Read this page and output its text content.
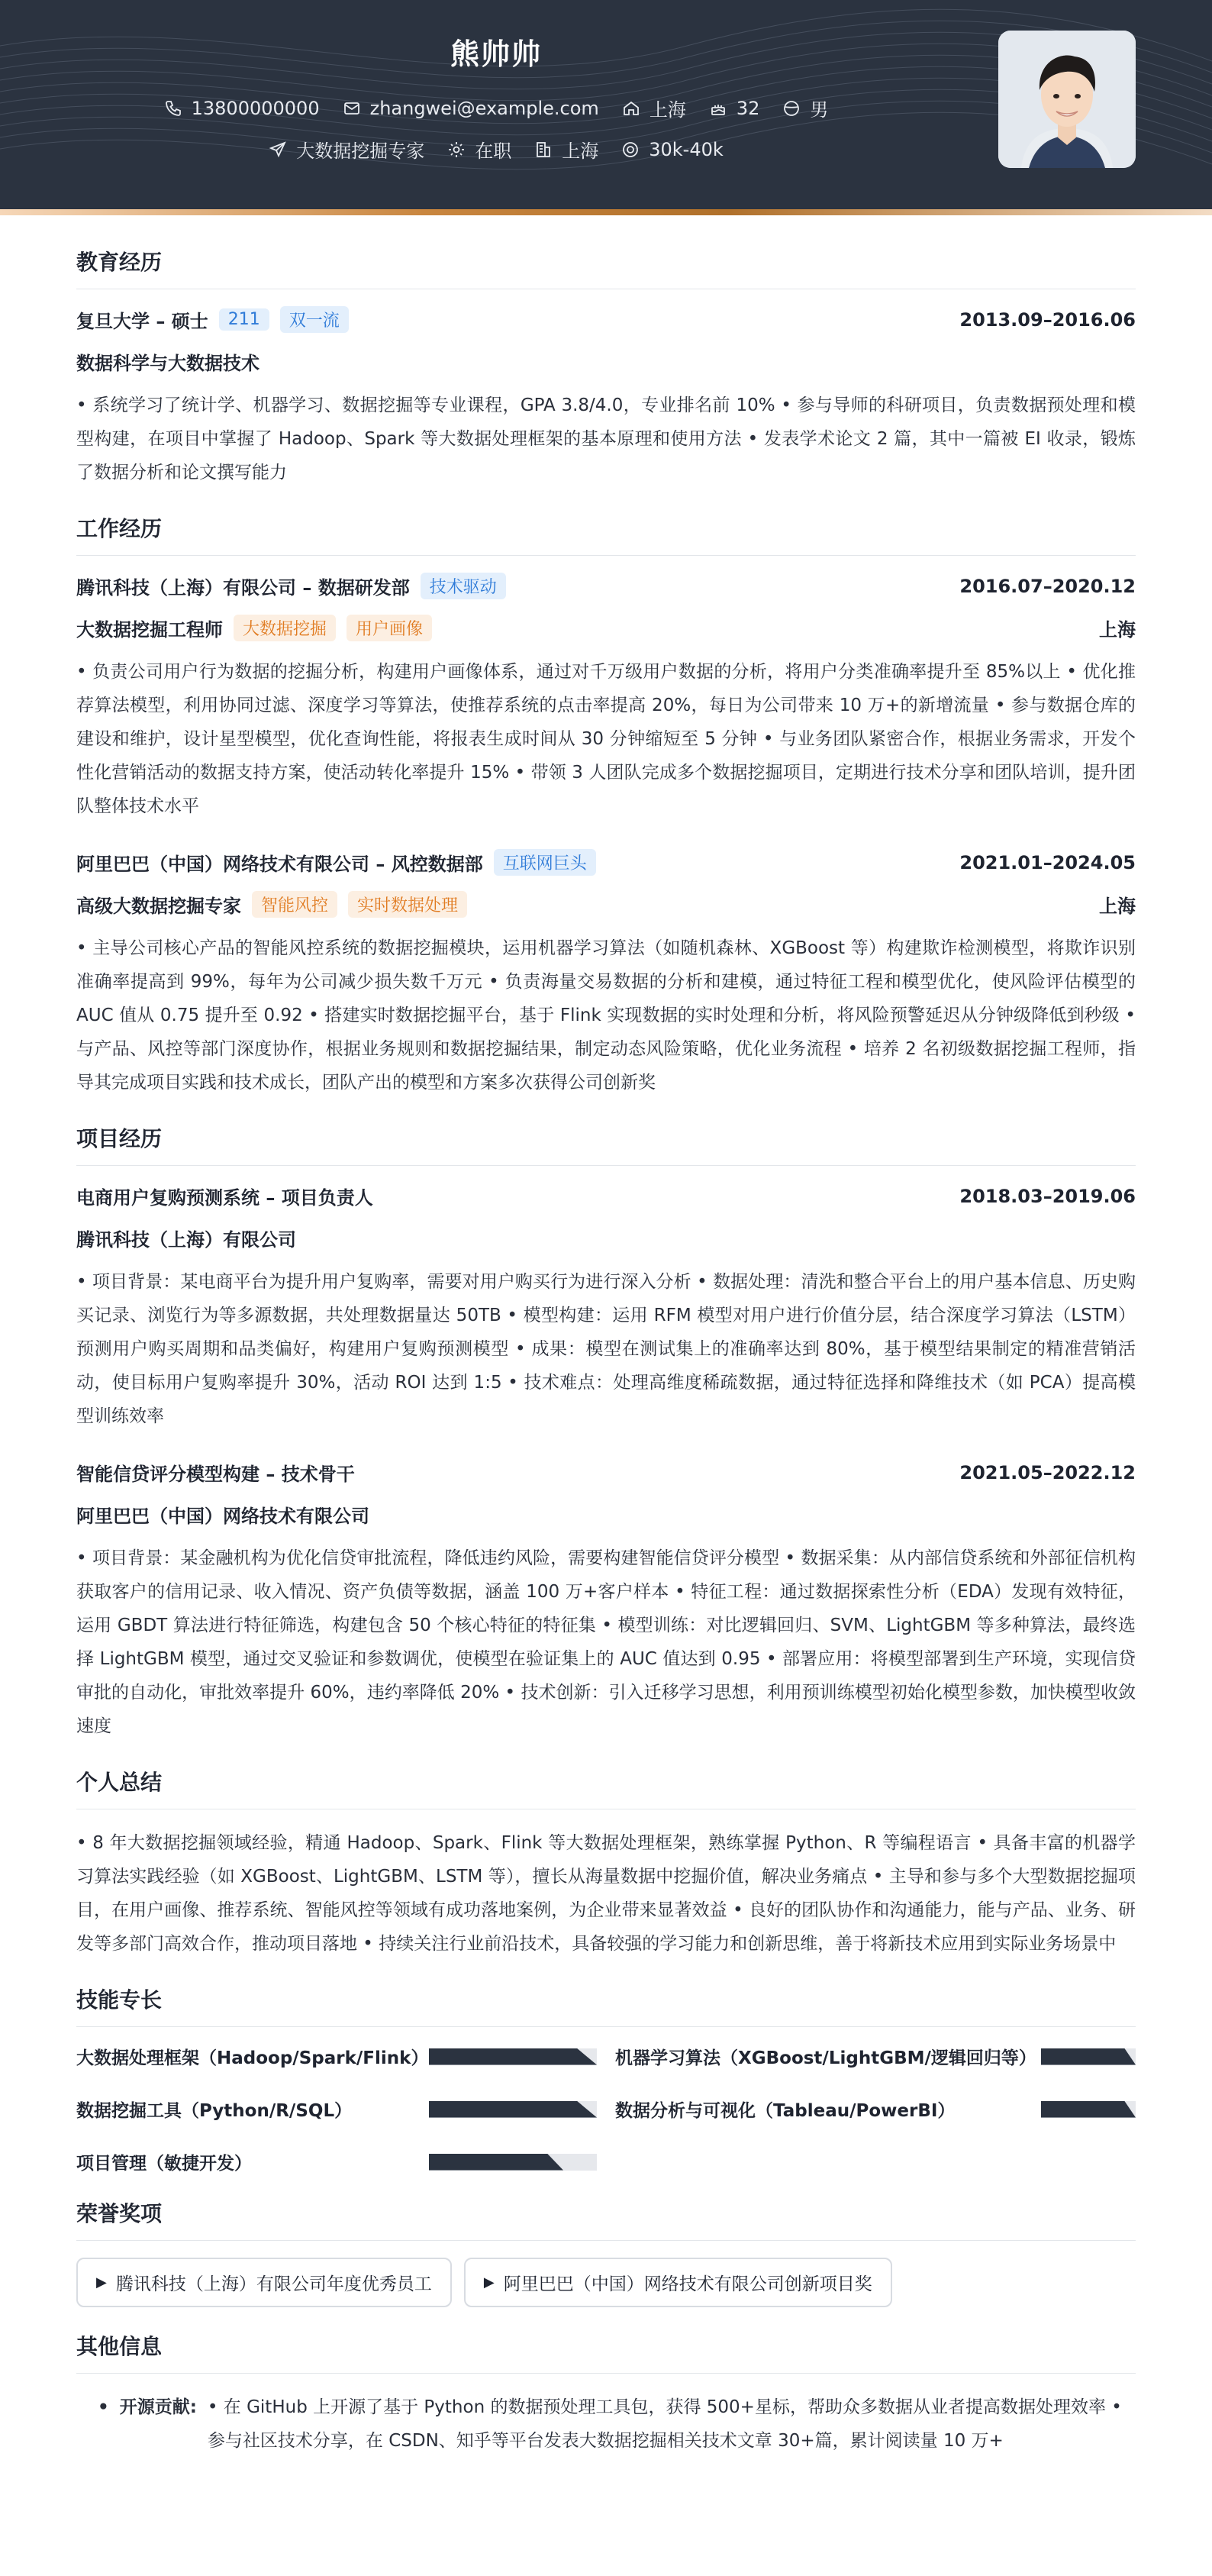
熊帅帅
13800000000	zhangwei@example.com	上海	32	男
大数据挖掘专家	在职	上海	30k-40k
教育经历
复旦大学 – 硕士	211	双一流	2013.09–2016.06
数据科学与大数据技术
• 系统学习了统计学、机器学习、数据挖掘等专业课程，GPA 3.8/4.0，专业排名前 10% • 参与导师的科研项目，负责数据预处理和模型构建，在项目中掌握了 Hadoop、Spark 等大数据处理框架的基本原理和使用方法 • 发表学术论文 2 篇，其中一篇被 EI 收录，锻炼了数据分析和论文撰写能力
工作经历
腾讯科技（上海）有限公司 – 数据研发部	技术驱动	2016.07–2020.12
大数据挖掘工程师	大数据挖掘	用户画像	上海
• 负责公司用户行为数据的挖掘分析，构建用户画像体系，通过对千万级用户数据的分析，将用户分类准确率提升至 85%以上 • 优化推荐算法模型，利用协同过滤、深度学习等算法，使推荐系统的点击率提高 20%，每日为公司带来 10 万+的新增流量 • 参与数据仓库的建设和维护，设计星型模型，优化查询性能，将报表生成时间从 30 分钟缩短至 5 分钟 • 与业务团队紧密合作，根据业务需求，开发个性化营销活动的数据支持方案，使活动转化率提升 15% • 带领 3 人团队完成多个数据挖掘项目，定期进行技术分享和团队培训，提升团队整体技术水平
阿里巴巴（中国）网络技术有限公司 – 风控数据部	互联网巨头	2021.01–2024.05
高级大数据挖掘专家	智能风控	实时数据处理	上海
• 主导公司核心产品的智能风控系统的数据挖掘模块，运用机器学习算法（如随机森林、XGBoost 等）构建欺诈检测模型，将欺诈识别准确率提高到 99%，每年为公司减少损失数千万元 • 负责海量交易数据的分析和建模，通过特征工程和模型优化，使风险评估模型的 AUC 值从 0.75 提升至 0.92 • 搭建实时数据挖掘平台，基于 Flink 实现数据的实时处理和分析，将风险预警延迟从分钟级降低到秒级 • 与产品、风控等部门深度协作，根据业务规则和数据挖掘结果，制定动态风险策略，优化业务流程 • 培养 2 名初级数据挖掘工程师，指导其完成项目实践和技术成长，团队产出的模型和方案多次获得公司创新奖
项目经历
电商用户复购预测系统 – 项目负责人	2018.03–2019.06
腾讯科技（上海）有限公司
• 项目背景：某电商平台为提升用户复购率，需要对用户购买行为进行深入分析 • 数据处理：清洗和整合平台上的用户基本信息、历史购买记录、浏览行为等多源数据，共处理数据量达 50TB • 模型构建：运用 RFM 模型对用户进行价值分层，结合深度学习算法（LSTM）预测用户购买周期和品类偏好，构建用户复购预测模型 • 成果：模型在测试集上的准确率达到 80%，基于模型结果制定的精准营销活动，使目标用户复购率提升 30%，活动 ROI 达到 1:5 • 技术难点：处理高维度稀疏数据，通过特征选择和降维技术（如 PCA）提高模型训练效率
智能信贷评分模型构建 – 技术骨干	2021.05–2022.12
阿里巴巴（中国）网络技术有限公司
• 项目背景：某金融机构为优化信贷审批流程，降低违约风险，需要构建智能信贷评分模型 • 数据采集：从内部信贷系统和外部征信机构获取客户的信用记录、收入情况、资产负债等数据，涵盖 100 万+客户样本 • 特征工程：通过数据探索性分析（EDA）发现有效特征，运用 GBDT 算法进行特征筛选，构建包含 50 个核心特征的特征集 • 模型训练：对比逻辑回归、SVM、LightGBM 等多种算法，最终选择 LightGBM 模型，通过交叉验证和参数调优，使模型在验证集上的 AUC 值达到 0.95 • 部署应用：将模型部署到生产环境，实现信贷审批的自动化，审批效率提升 60%，违约率降低 20% • 技术创新：引入迁移学习思想，利用预训练模型初始化模型参数，加快模型收敛速度
个人总结
• 8 年大数据挖掘领域经验，精通 Hadoop、Spark、Flink 等大数据处理框架，熟练掌握 Python、R 等编程语言 • 具备丰富的机器学习算法实践经验（如 XGBoost、LightGBM、LSTM 等），擅长从海量数据中挖掘价值，解决业务痛点 • 主导和参与多个大型数据挖掘项目，在用户画像、推荐系统、智能风控等领域有成功落地案例，为企业带来显著效益 • 良好的团队协作和沟通能力，能与产品、业务、研发等多部门高效合作，推动项目落地 • 持续关注行业前沿技术，具备较强的学习能力和创新思维，善于将新技术应用到实际业务场景中
技能专长
大数据处理框架（Hadoop/Spark/Flink）	机器学习算法（XGBoost/LightGBM/逻辑回归等）
数据挖掘工具（Python/R/SQL）	数据分析与可视化（Tableau/PowerBI）
项目管理（敏捷开发）
荣誉奖项
▶ 腾讯科技（上海）有限公司年度优秀员工	▶ 阿里巴巴（中国）网络技术有限公司创新项目奖
其他信息
• 开源贡献: • 在 GitHub 上开源了基于 Python 的数据预处理工具包，获得 500+星标，帮助众多数据从业者提高数据处理效率 • 参与社区技术分享，在 CSDN、知乎等平台发表大数据挖掘相关技术文章 30+篇，累计阅读量 10 万+
